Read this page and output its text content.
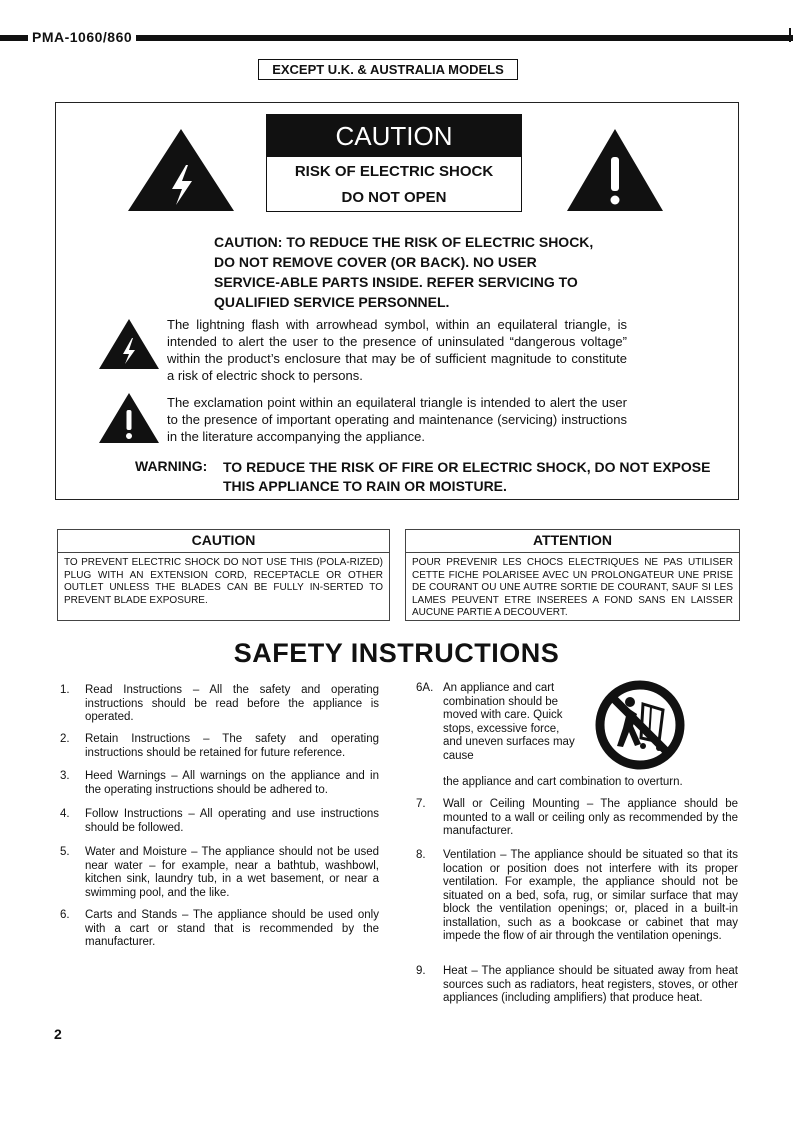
PMA-1060/860
EXCEPT U.K. & AUSTRALIA MODELS
CAUTION
RISK OF ELECTRIC SHOCK
DO NOT OPEN
CAUTION: TO REDUCE THE RISK OF ELECTRIC SHOCK, DO NOT REMOVE COVER (OR BACK). NO USER SERVICE-ABLE PARTS INSIDE. REFER SERVICING TO QUALIFIED SERVICE PERSONNEL.
The lightning flash with arrowhead symbol, within an equilateral triangle, is intended to alert the user to the presence of uninsulated “dangerous voltage” within the product’s enclosure that may be of sufficient magnitude to constitute a risk of electric shock to persons.
The exclamation point within an equilateral triangle is intended to alert the user to the presence of important operating and maintenance (servicing) instructions in the literature accompanying the appliance.
WARNING: TO REDUCE THE RISK OF FIRE OR ELECTRIC SHOCK, DO NOT EXPOSE THIS APPLIANCE TO RAIN OR MOISTURE.
CAUTION
TO PREVENT ELECTRIC SHOCK DO NOT USE THIS (POLA-RIZED) PLUG WITH AN EXTENSION CORD, RECEPTACLE OR OTHER OUTLET UNLESS THE BLADES CAN BE FULLY IN-SERTED TO PREVENT BLADE EXPOSURE.
ATTENTION
POUR PREVENIR LES CHOCS ELECTRIQUES NE PAS UTILISER CETTE FICHE POLARISEE AVEC UN PROLONGATEUR UNE PRISE DE COURANT OU UNE AUTRE SORTIE DE COURANT, SAUF SI LES LAMES PEUVENT ETRE INSEREES A FOND SANS EN LAISSER AUCUNE PARTIE A DECOUVERT.
SAFETY INSTRUCTIONS
1. Read Instructions – All the safety and operating instructions should be read before the appliance is operated.
2. Retain Instructions – The safety and operating instructions should be retained for future reference.
3. Heed Warnings – All warnings on the appliance and in the operating instructions should be adhered to.
4. Follow Instructions – All operating and use instructions should be followed.
5. Water and Moisture – The appliance should not be used near water – for example, near a bathtub, washbowl, kitchen sink, laundry tub, in a wet basement, or near a swimming pool, and the like.
6. Carts and Stands – The appliance should be used only with a cart or stand that is recommended by the manufacturer.
6A. An appliance and cart combination should be moved with care. Quick stops, excessive force, and uneven surfaces may cause
the appliance and cart combination to overturn.
7. Wall or Ceiling Mounting – The appliance should be mounted to a wall or ceiling only as recommended by the manufacturer.
8. Ventilation – The appliance should be situated so that its location or position does not interfere with its proper ventilation. For example, the appliance should not be situated on a bed, sofa, rug, or similar surface that may block the ventilation openings; or, placed in a built-in installation, such as a bookcase or cabinet that may impede the flow of air through the ventilation openings.
9. Heat – The appliance should be situated away from heat sources such as radiators, heat registers, stoves, or other appliances (including amplifiers) that produce heat.
2
